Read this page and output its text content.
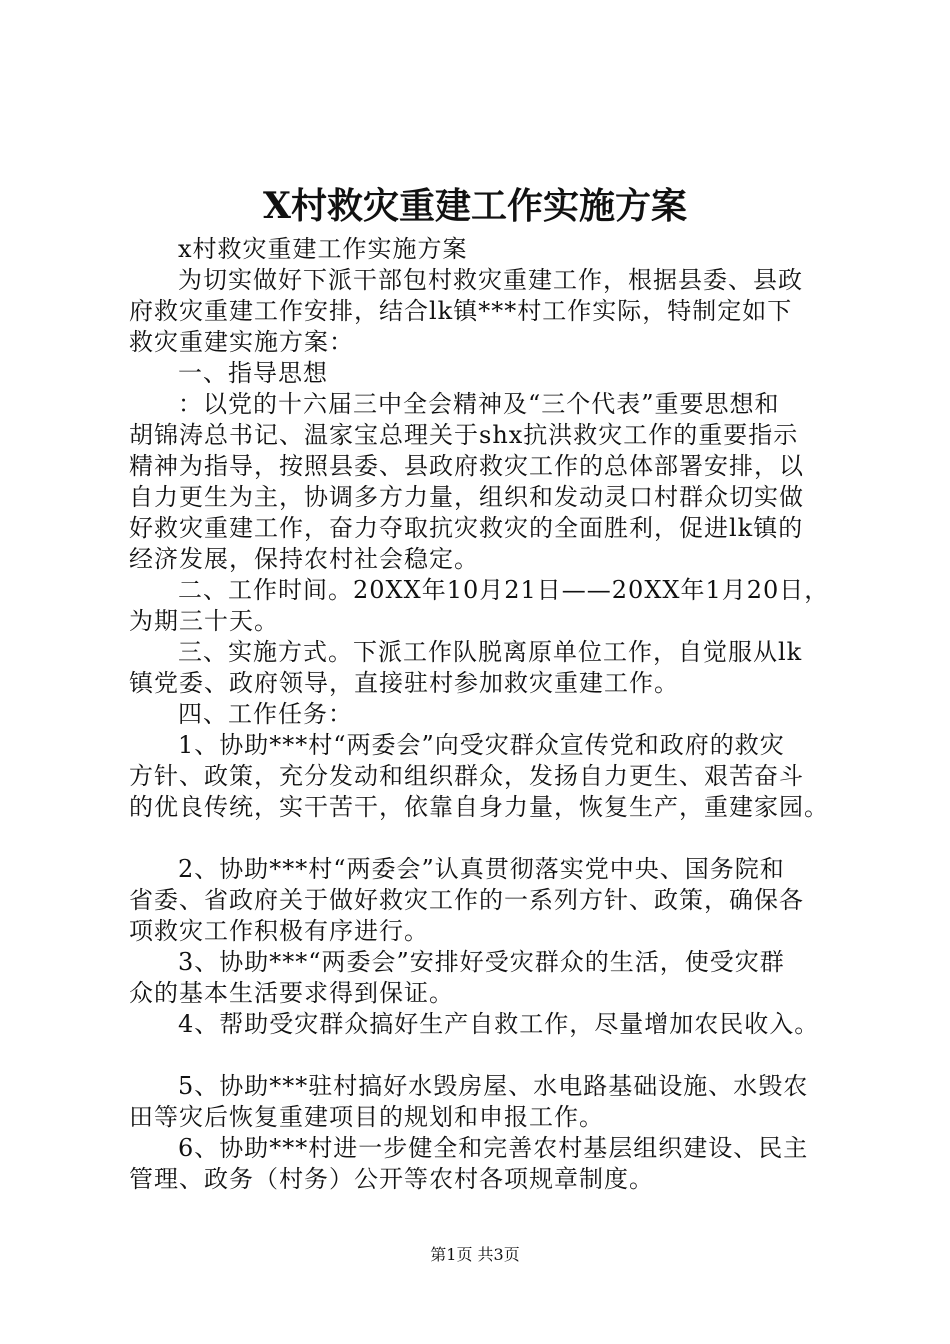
X村救灾重建工作实施方案
x村救灾重建工作实施方案
为切实做好下派干部包村救灾重建工作，根据县委、县政
府救灾重建工作安排，结合lk镇***村工作实际，特制定如下
救灾重建实施方案：
一、指导思想
：以党的十六届三中全会精神及“三个代表”重要思想和
胡锦涛总书记、温家宝总理关于shx抗洪救灾工作的重要指示
精神为指导，按照县委、县政府救灾工作的总体部署安排，以
自力更生为主，协调多方力量，组织和发动灵口村群众切实做
好救灾重建工作，奋力夺取抗灾救灾的全面胜利，促进lk镇的
经济发展，保持农村社会稳定。
二、工作时间。20XX年10月21日——20XX年1月20日，
为期三十天。
三、实施方式。下派工作队脱离原单位工作，自觉服从lk
镇党委、政府领导，直接驻村参加救灾重建工作。
四、工作任务：
1、协助***村“两委会”向受灾群众宣传党和政府的救灾
方针、政策，充分发动和组织群众，发扬自力更生、艰苦奋斗
的优良传统，实干苦干，依靠自身力量，恢复生产，重建家园。
2、协助***村“两委会”认真贯彻落实党中央、国务院和
省委、省政府关于做好救灾工作的一系列方针、政策，确保各
项救灾工作积极有序进行。
3、协助***“两委会”安排好受灾群众的生活，使受灾群
众的基本生活要求得到保证。
4、帮助受灾群众搞好生产自救工作，尽量增加农民收入。
5、协助***驻村搞好水毁房屋、水电路基础设施、水毁农
田等灾后恢复重建项目的规划和申报工作。
6、协助***村进一步健全和完善农村基层组织建设、民主
管理、政务（村务）公开等农村各项规章制度。
第1页 共3页
